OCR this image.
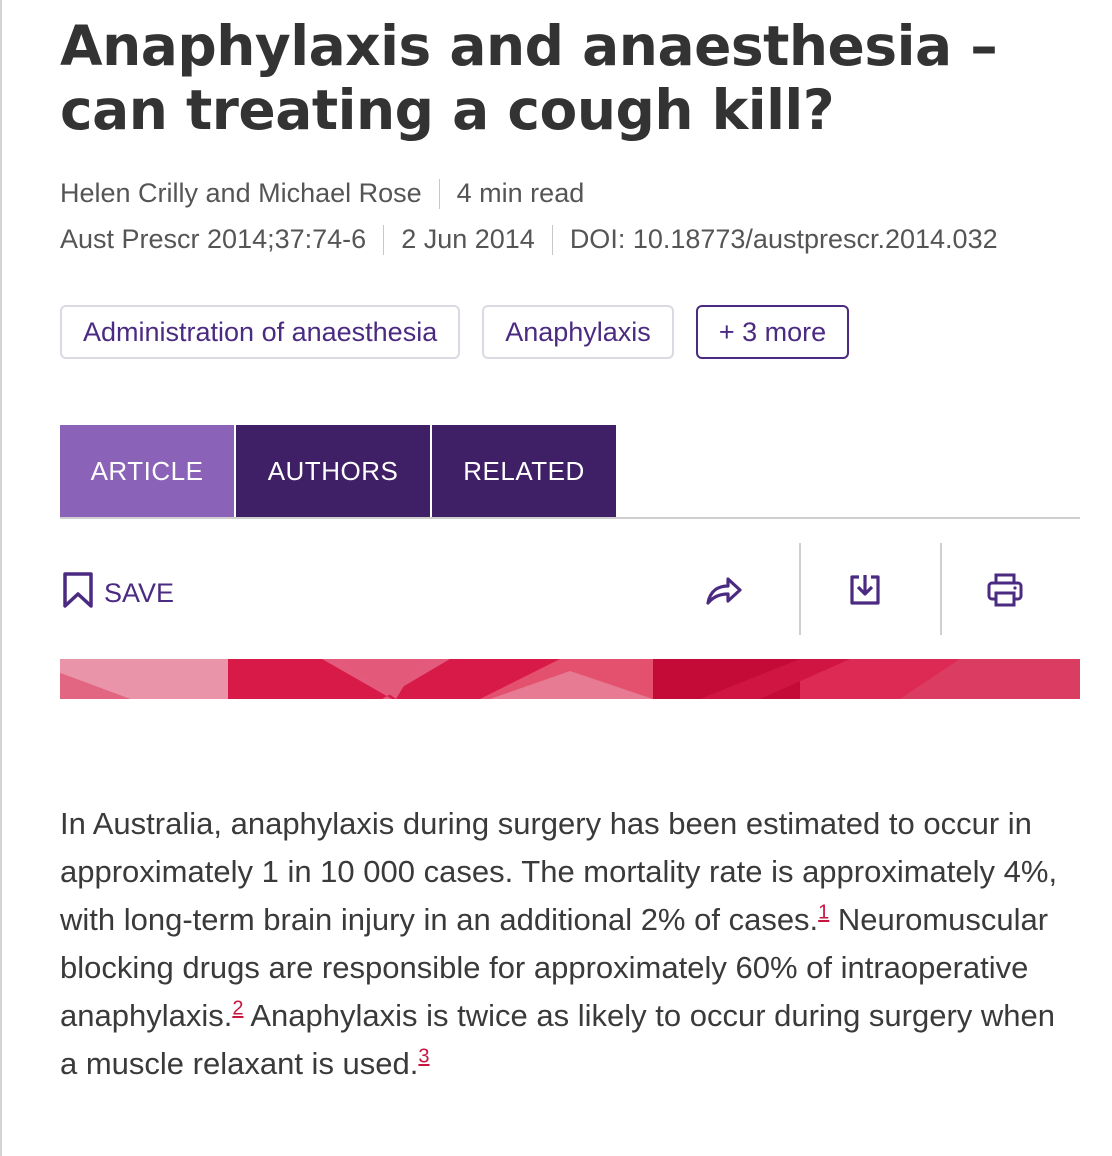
Anaphylaxis and anaesthesia – can treating a cough kill?
Helen Crilly and Michael Rose 4 min read
Aust Prescr 2014;37:74-6 2 Jun 2014 DOI: 10.18773/austprescr.2014.032
Administration of anaesthesia	Anaphylaxis	+ 3 more
ARTICLE	AUTHORS	RELATED
SAVE

In Australia, anaphylaxis during surgery has been estimated to occur in approximately 1 in 10 000 cases. The mortality rate is approximately 4%, with long-term brain injury in an additional 2% of cases.$^1$ Neuromuscular blocking drugs are responsible for approximately 60% of intraoperative anaphylaxis.$^2$ Anaphylaxis is twice as likely to occur during surgery when a muscle relaxant is used.$^3$
